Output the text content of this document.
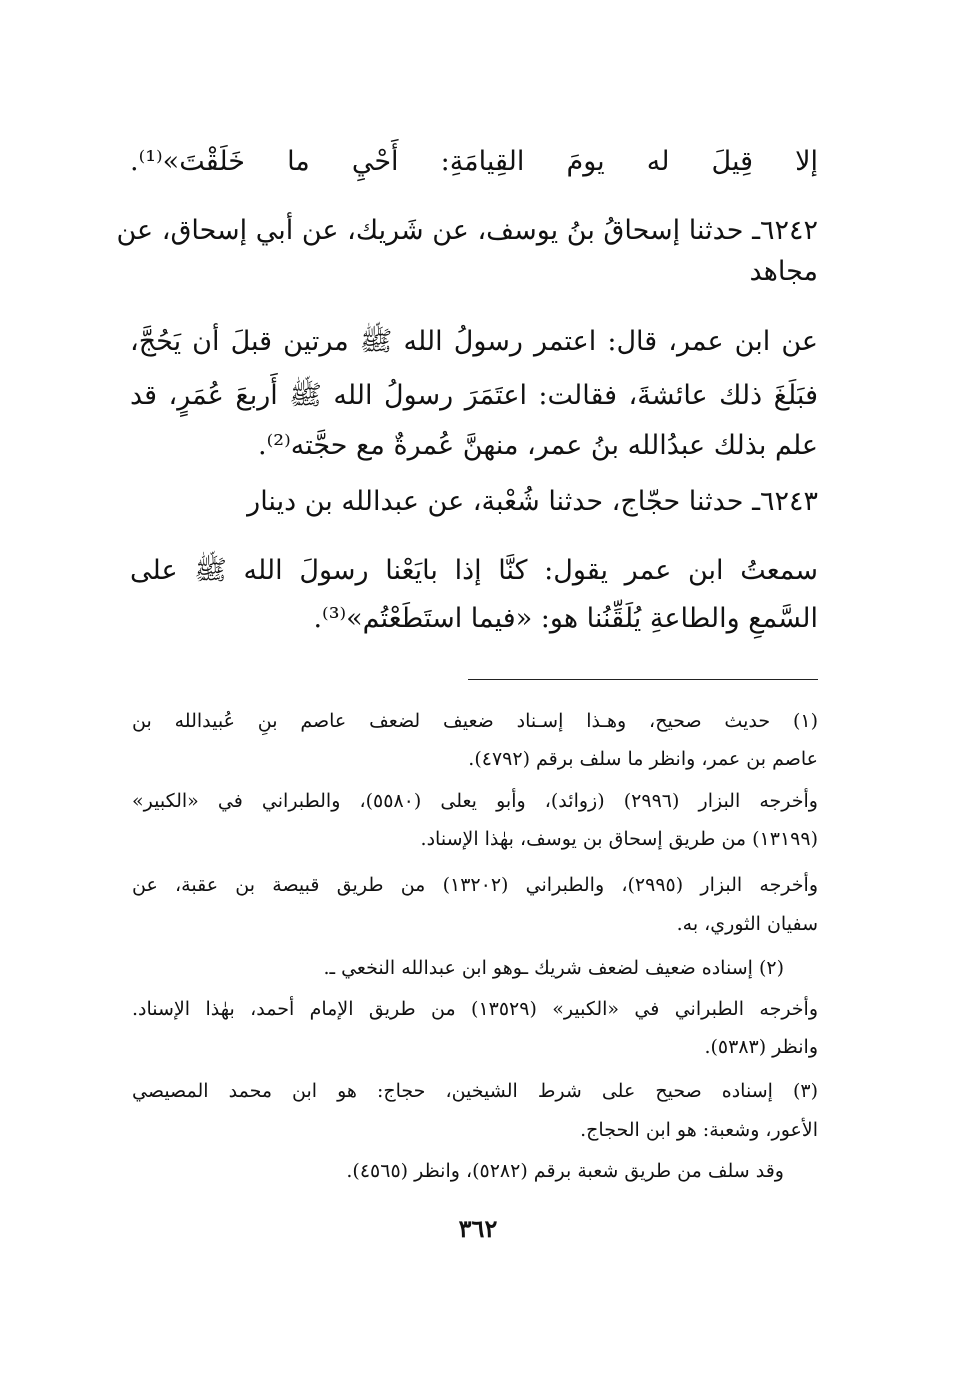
إلا قِيلَ له يومَ القِيامَةِ: أَحْيِ ما خَلَقْتَ»⁽¹⁾.
٦٢٤٢ـ حدثنا إسحاقُ بنُ يوسف، عن شَريك، عن أبي إسحاق، عن
مجاهد
عن ابن عمر، قال: اعتمر رسولُ الله ﷺ مرتين قبلَ أن يَحُجَّ،
فبَلَغَ ذلك عائشةَ، فقالت: اعتَمَرَ رسولُ الله ﷺ أَربعَ عُمَرٍ، قد
علم بذلك عبدُالله بنُ عمر، منهنَّ عُمرةٌ مع حجَّته⁽²⁾.
٦٢٤٣ـ حدثنا حجّاج، حدثنا شُعْبة، عن عبدالله بن دينار
سمعتُ ابن عمر يقول: كنَّا إذا بايَعْنا رسولَ الله ﷺ على
السَّمعِ والطاعةِ يُلَقِّنُنا هو: «فيما استَطَعْتُم»⁽³⁾.
(١) حديث صحيح، وهـذا إسـناد ضعيف لضعف عاصم بنِ عُبيدالله بن
عاصم بن عمر، وانظر ما سلف برقم (٤٧٩٢).
وأخرجه البزار (٢٩٩٦) (زوائد)، وأبو يعلى (٥٥٨٠)، والطبراني في «الكبير»
(١٣١٩٩) من طريق إسحاق بن يوسف، بهٰذا الإسناد.
وأخرجه البزار (٢٩٩٥)، والطبراني (١٣٢٠٢) من طريق قبيصة بن عقبة، عن
سفيان الثوري، به.
(٢) إسناده ضعيف لضعف شريك ـوهو ابن عبدالله النخعي ـ.
وأخرجه الطبراني في «الكبير» (١٣٥٢٩) من طريق الإمام أحمد، بهٰذا الإسناد.
وانظر (٥٣٨٣).
(٣) إسناده صحيح على شرط الشيخين، حجاج: هو ابن محمد المصيصي
الأعور، وشعبة: هو ابن الحجاج.
وقد سلف من طريق شعبة برقم (٥٢٨٢)، وانظر (٤٥٦٥).
٣٦٢
